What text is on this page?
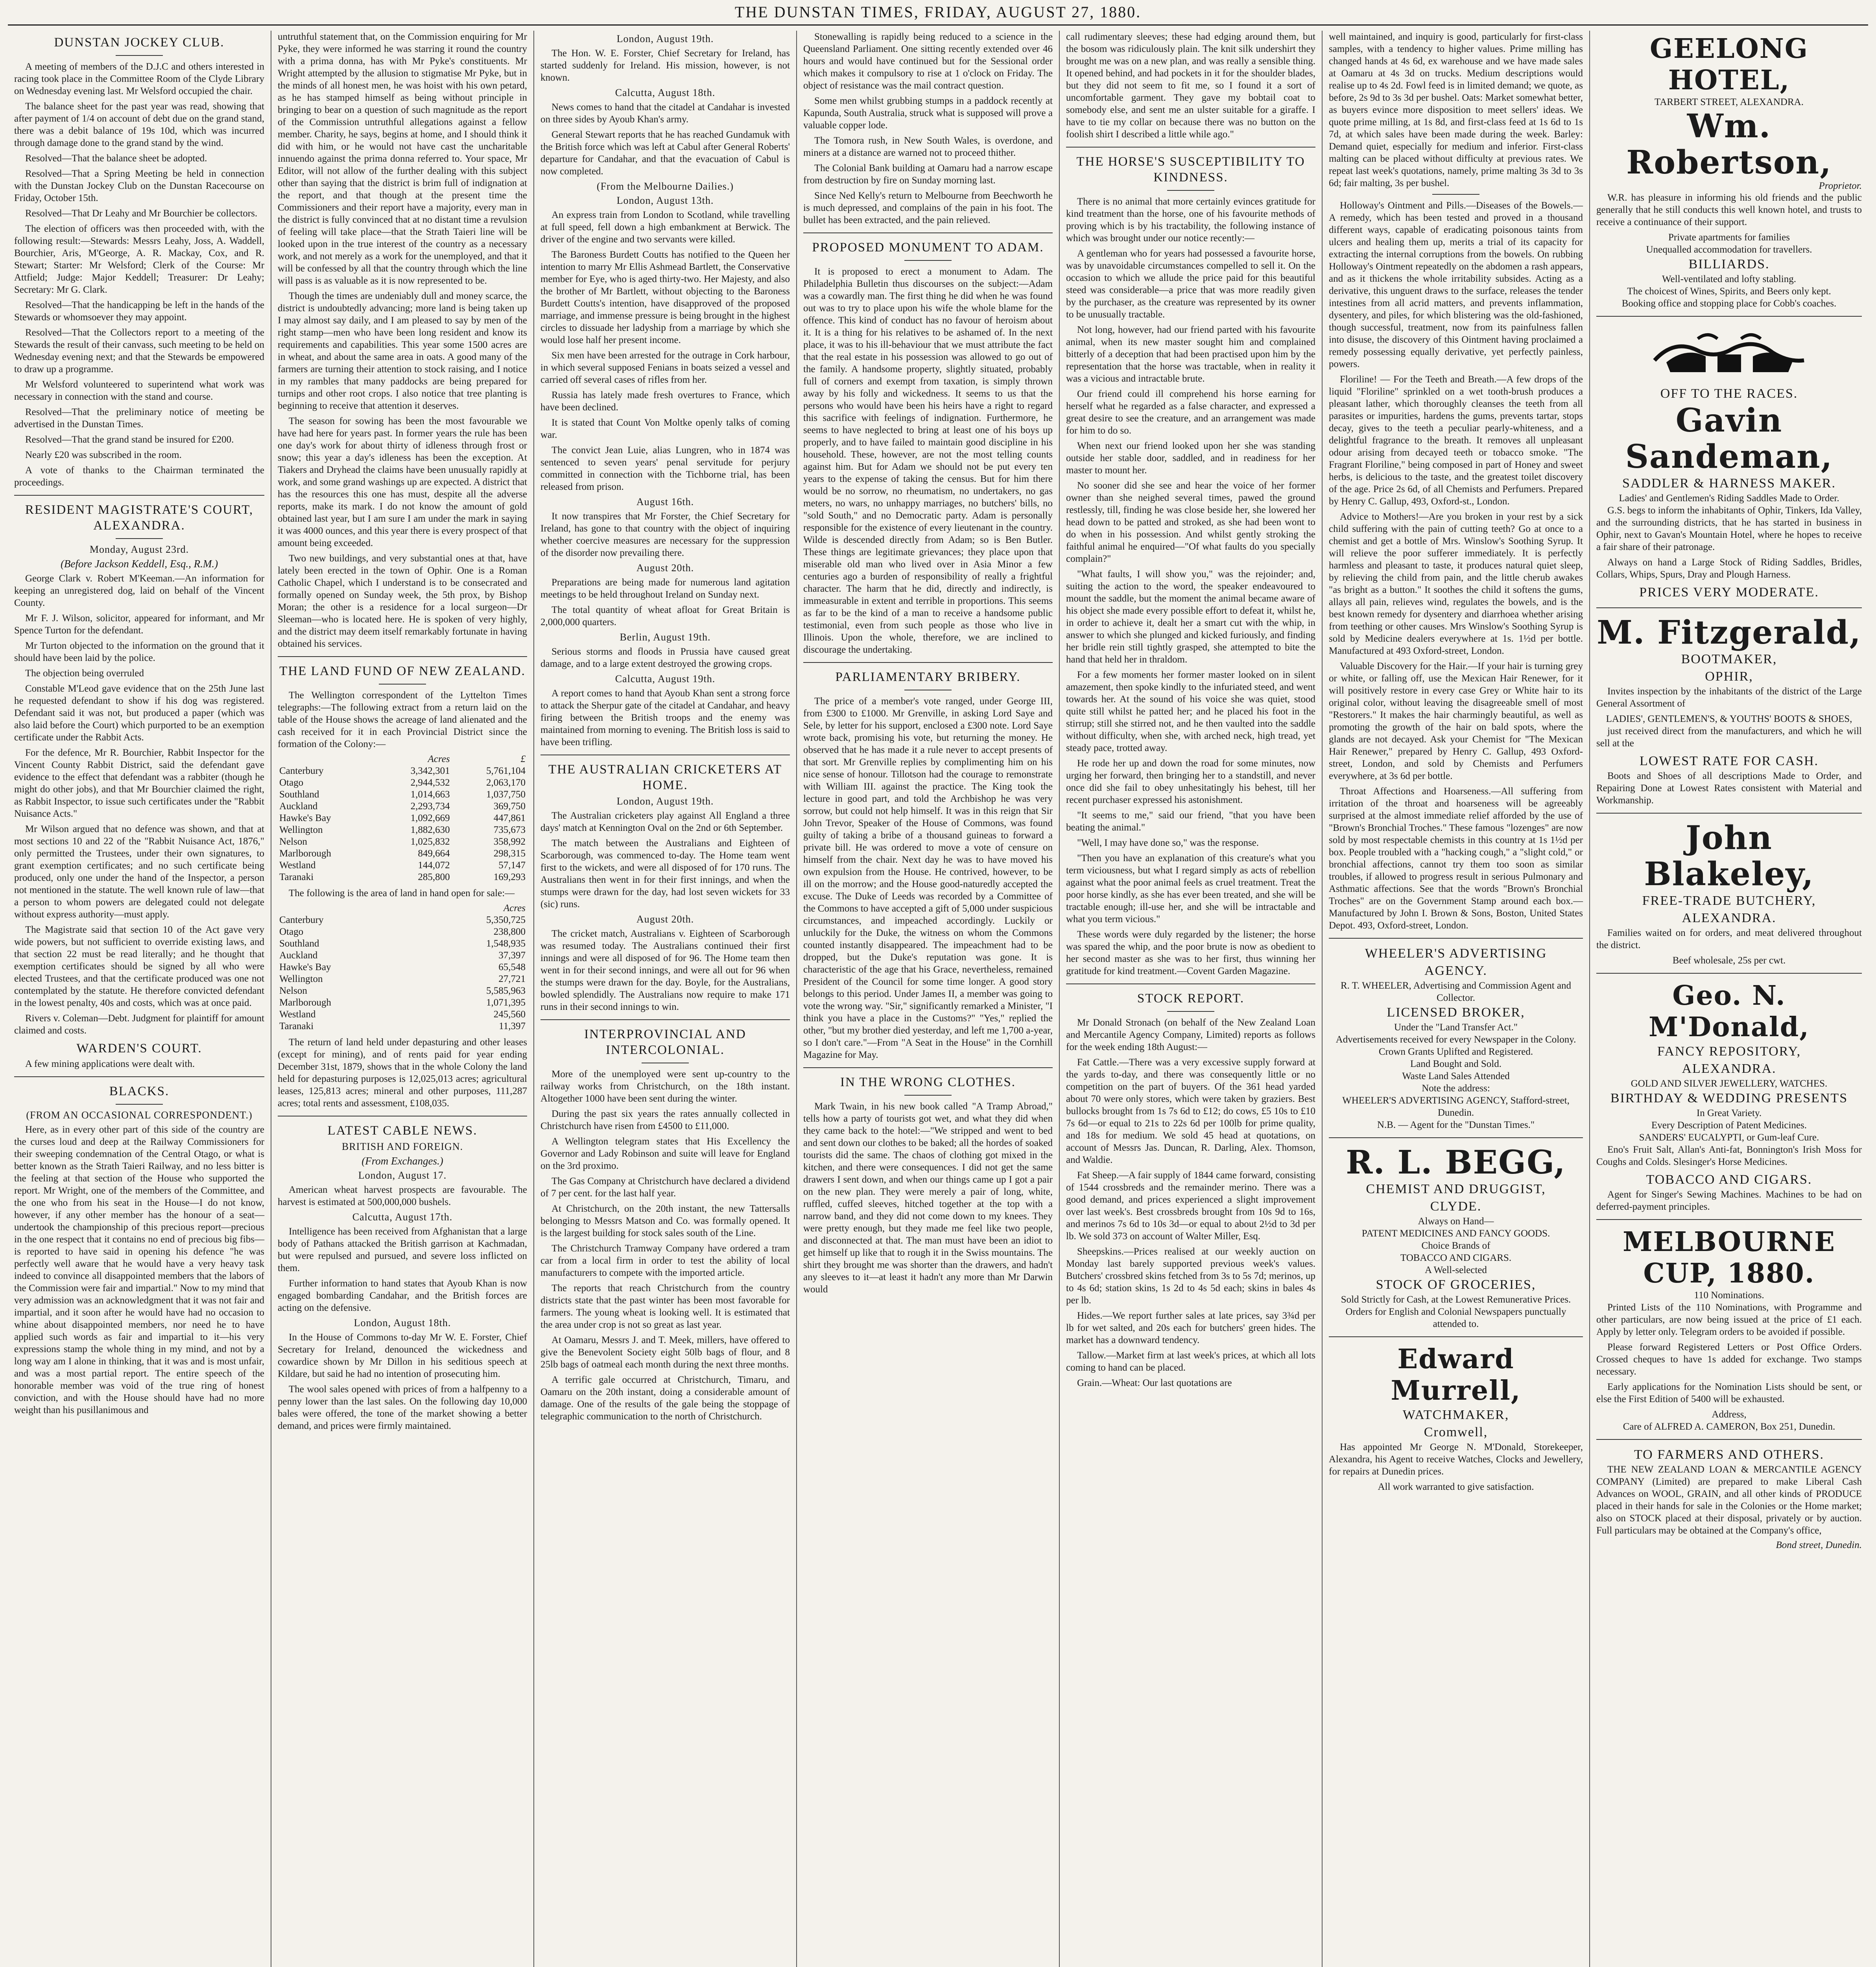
THE DUNSTAN TIMES, FRIDAY, AUGUST 27, 1880.
DUNSTAN JOCKEY CLUB.

A meeting of members of the D.J.C and others interested in racing took place in the Committee Room of the Clyde Library on Wednesday evening last. Mr Welsford occupied the chair.

The balance sheet for the past year was read, showing that after payment of 1/4 on account of debt due on the grand stand, there was a debit balance of 19s 10d, which was incurred through damage done to the grand stand by the wind.

Resolved—That the balance sheet be adopted.

Resolved—That a Spring Meeting be held in connection with the Dunstan Jockey Club on the Dunstan Racecourse on Friday, October 15th.

Resolved—That Dr Leahy and Mr Bourchier be collectors.

The election of officers was then proceeded with, with the following result:—Stewards: Messrs Leahy, Joss, A. Waddell, Bourchier, Aris, M'George, A. R. Mackay, Cox, and R. Stewart; Starter: Mr Welsford; Clerk of the Course: Mr Attfield; Judge: Major Keddell; Treasurer: Dr Leahy; Secretary: Mr G. Clark.

Resolved—That the handicapping be left in the hands of the Stewards or whomsoever they may appoint.

Resolved—That the Collectors report to a meeting of the Stewards the result of their canvass, such meeting to be held on Wednesday evening next; and that the Stewards be empowered to draw up a programme.

Mr Welsford volunteered to superintend what work was necessary in connection with the stand and course.

Resolved—That the preliminary notice of meeting be advertised in the Dunstan Times.

Resolved—That the grand stand be insured for £200.

Nearly £20 was subscribed in the room.

A vote of thanks to the Chairman terminated the proceedings.

RESIDENT MAGISTRATE'S COURT, ALEXANDRA.
Monday, August 23rd.
(Before Jackson Keddell, Esq., R.M.)

George Clark v. Robert M'Keeman.—An information for keeping an unregistered dog, laid on behalf of the Vincent County.

Mr F. J. Wilson, solicitor, appeared for informant, and Mr Spence Turton for the defendant.

Mr Turton objected to the information on the ground that it should have been laid by the police.

The objection being overruled

Constable M'Leod gave evidence that on the 25th June last he requested defendant to show if his dog was registered. Defendant said it was not, but produced a paper (which was also laid before the Court) which purported to be an exemption certificate under the Rabbit Acts.

For the defence, Mr R. Bourchier, Rabbit Inspector for the Vincent County Rabbit District, said the defendant gave evidence to the effect that defendant was a rabbiter (though he might do other jobs), and that Mr Bourchier claimed the right, as Rabbit Inspector, to issue such certificates under the "Rabbit Nuisance Acts."

Mr Wilson argued that no defence was shown, and that at most sections 10 and 22 of the "Rabbit Nuisance Act, 1876," only permitted the Trustees, under their own signatures, to grant exemption certificates; and no such certificate being produced, only one under the hand of the Inspector, a person not mentioned in the statute. The well known rule of law—that a person to whom powers are delegated could not delegate without express authority—must apply.

The Magistrate said that section 10 of the Act gave very wide powers, but not sufficient to override existing laws, and that section 22 must be read literally; and he thought that exemption certificates should be signed by all who were elected Trustees, and that the certificate produced was one not contemplated by the statute. He therefore convicted defendant in the lowest penalty, 40s and costs, which was at once paid.

Rivers v. Coleman—Debt. Judgment for plaintiff for amount claimed and costs.

WARDEN'S COURT.

A few mining applications were dealt with.

BLACKS.
(FROM AN OCCASIONAL CORRESPONDENT.)

Here, as in every other part of this side of the country are the curses loud and deep at the Railway Commissioners for their sweeping condemnation of the Central Otago, or what is better known as the Strath Taieri Railway, and no less bitter is the feeling at that section of the House who supported the report. Mr Wright, one of the members of the Committee, and the one who from his seat in the House—I do not know, however, if any other member has the honour of a seat—undertook the championship of this precious report—precious in the one respect that it contains no end of precious big fibs—is reported to have said in opening his defence "he was perfectly well aware that he would have a very heavy task indeed to convince all disappointed members that the labors of the Commission were fair and impartial." Now to my mind that very admission was an acknowledgment that it was not fair and impartial, and it soon after he would have had no occasion to whine about disappointed members, nor need he to have applied such words as fair and impartial to it—his very expressions stamp the whole thing in my mind, and not by a long way am I alone in thinking, that it was and is most unfair, and was a most partial report. The entire speech of the honorable member was void of the true ring of honest conviction, and with the House should have had no more weight than his pusillanimous and

untruthful statement that, on the Commission enquiring for Mr Pyke, they were informed he was starring it round the country with a prima donna, has with Mr Pyke's constituents. Mr Wright attempted by the allusion to stigmatise Mr Pyke, but in the minds of all honest men, he was hoist with his own petard, as he has stamped himself as being without principle in bringing to bear on a question of such magnitude as the report of the Commission untruthful allegations against a fellow member. Charity, he says, begins at home, and I should think it did with him, or he would not have cast the uncharitable innuendo against the prima donna referred to. Your space, Mr Editor, will not allow of the further dealing with this subject other than saying that the district is brim full of indignation at the report, and that though at the present time the Commissioners and their report have a majority, every man in the district is fully convinced that at no distant time a revulsion of feeling will take place—that the Strath Taieri line will be looked upon in the true interest of the country as a necessary work, and not merely as a work for the unemployed, and that it will be confessed by all that the country through which the line will pass is as valuable as it is now represented to be.

Though the times are undeniably dull and money scarce, the district is undoubtedly advancing; more land is being taken up I may almost say daily, and I am pleased to say by men of the right stamp—men who have been long resident and know its requirements and capabilities. This year some 1500 acres are in wheat, and about the same area in oats. A good many of the farmers are turning their attention to stock raising, and I notice in my rambles that many paddocks are being prepared for turnips and other root crops. I also notice that tree planting is beginning to receive that attention it deserves.

The season for sowing has been the most favourable we have had here for years past. In former years the rule has been one day's work for about thirty of idleness through frost or snow; this year a day's idleness has been the exception. At Tiakers and Dryhead the claims have been unusually rapidly at work, and some grand washings up are expected. A district that has the resources this one has must, despite all the adverse reports, make its mark. I do not know the amount of gold obtained last year, but I am sure I am under the mark in saying it was 4000 ounces, and this year there is every prospect of that amount being exceeded.

Two new buildings, and very substantial ones at that, have lately been erected in the town of Ophir. One is a Roman Catholic Chapel, which I understand is to be consecrated and formally opened on Sunday week, the 5th prox, by Bishop Moran; the other is a residence for a local surgeon—Dr Sleeman—who is located here. He is spoken of very highly, and the district may deem itself remarkably fortunate in having obtained his services.

THE LAND FUND OF NEW ZEALAND.

The Wellington correspondent of the Lyttelton Times telegraphs:—The following extract from a return laid on the table of the House shows the acreage of land alienated and the cash received for it in each Provincial District since the formation of the Colony:—

	Acres	£
Canterbury	3,342,301	5,761,104
Otago	2,944,532	2,063,170
Southland	1,014,663	1,037,750
Auckland	2,293,734	369,750
Hawke's Bay	1,092,669	447,861
Wellington	1,882,630	735,673
Nelson	1,025,832	358,992
Marlborough	849,664	298,315
Westland	144,072	57,147
Taranaki	285,800	169,293

The following is the area of land in hand open for sale:—

	Acres
Canterbury	5,350,725
Otago	238,800
Southland	1,548,935
Auckland	37,397
Hawke's Bay	65,548
Wellington	27,721
Nelson	5,585,963
Marlborough	1,071,395
Westland	245,560
Taranaki	11,397

The return of land held under depasturing and other leases (except for mining), and of rents paid for year ending December 31st, 1879, shows that in the whole Colony the land held for depasturing purposes is 12,025,013 acres; agricultural leases, 125,813 acres; mineral and other purposes, 111,287 acres; total rents and assessment, £108,035.

LATEST CABLE NEWS.
BRITISH AND FOREIGN.
(From Exchanges.)
London, August 17.

American wheat harvest prospects are favourable. The harvest is estimated at 500,000,000 bushels.

Calcutta, August 17th.

Intelligence has been received from Afghanistan that a large body of Pathans attacked the British garrison at Kachmadan, but were repulsed and pursued, and severe loss inflicted on them.

Further information to hand states that Ayoub Khan is now engaged bombarding Candahar, and the British forces are acting on the defensive.

London, August 18th.

In the House of Commons to-day Mr W. E. Forster, Chief Secretary for Ireland, denounced the wickedness and cowardice shown by Mr Dillon in his seditious speech at Kildare, but said he had no intention of prosecuting him.

The wool sales opened with prices of from a halfpenny to a penny lower than the last sales. On the following day 10,000 bales were offered, the tone of the market showing a better demand, and prices were firmly maintained.

London, August 19th.

The Hon. W. E. Forster, Chief Secretary for Ireland, has started suddenly for Ireland. His mission, however, is not known.

Calcutta, August 18th.

News comes to hand that the citadel at Candahar is invested on three sides by Ayoub Khan's army.

General Stewart reports that he has reached Gundamuk with the British force which was left at Cabul after General Roberts' departure for Candahar, and that the evacuation of Cabul is now completed.

(From the Melbourne Dailies.)
London, August 13th.

An express train from London to Scotland, while travelling at full speed, fell down a high embankment at Berwick. The driver of the engine and two servants were killed.

The Baroness Burdett Coutts has notified to the Queen her intention to marry Mr Ellis Ashmead Bartlett, the Conservative member for Eye, who is aged thirty-two. Her Majesty, and also the brother of Mr Bartlett, without objecting to the Baroness Burdett Coutts's intention, have disapproved of the proposed marriage, and immense pressure is being brought in the highest circles to dissuade her ladyship from a marriage by which she would lose half her present income.

Six men have been arrested for the outrage in Cork harbour, in which several supposed Fenians in boats seized a vessel and carried off several cases of rifles from her.

Russia has lately made fresh overtures to France, which have been declined.

It is stated that Count Von Moltke openly talks of coming war.

The convict Jean Luie, alias Lungren, who in 1874 was sentenced to seven years' penal servitude for perjury committed in connection with the Tichborne trial, has been released from prison.

August 16th.

It now transpires that Mr Forster, the Chief Secretary for Ireland, has gone to that country with the object of inquiring whether coercive measures are necessary for the suppression of the disorder now prevailing there.

August 20th.

Preparations are being made for numerous land agitation meetings to be held throughout Ireland on Sunday next.

The total quantity of wheat afloat for Great Britain is 2,000,000 quarters.

Berlin, August 19th.

Serious storms and floods in Prussia have caused great damage, and to a large extent destroyed the growing crops.

Calcutta, August 19th.

A report comes to hand that Ayoub Khan sent a strong force to attack the Sherpur gate of the citadel at Candahar, and heavy firing between the British troops and the enemy was maintained from morning to evening. The British loss is said to have been trifling.

THE AUSTRALIAN CRICKETERS AT HOME.
London, August 19th.

The Australian cricketers play against All England a three days' match at Kennington Oval on the 2nd or 6th September.

The match between the Australians and Eighteen of Scarborough, was commenced to-day. The Home team went first to the wickets, and were all disposed of for 170 runs. The Australians then went in for their first innings, and when the stumps were drawn for the day, had lost seven wickets for 33 (sic) runs.

August 20th.

The cricket match, Australians v. Eighteen of Scarborough was resumed today. The Australians continued their first innings and were all disposed of for 96. The Home team then went in for their second innings, and were all out for 96 when the stumps were drawn for the day. Boyle, for the Australians, bowled splendidly. The Australians now require to make 171 runs in their second innings to win.

INTERPROVINCIAL AND INTERCOLONIAL.

More of the unemployed were sent up-country to the railway works from Christchurch, on the 18th instant. Altogether 1000 have been sent during the winter.

During the past six years the rates annually collected in Christchurch have risen from £4500 to £11,000.

A Wellington telegram states that His Excellency the Governor and Lady Robinson and suite will leave for England on the 3rd proximo.

The Gas Company at Christchurch have declared a dividend of 7 per cent. for the last half year.

At Christchurch, on the 20th instant, the new Tattersalls belonging to Messrs Matson and Co. was formally opened. It is the largest building for stock sales south of the Line.

The Christchurch Tramway Company have ordered a tram car from a local firm in order to test the ability of local manufacturers to compete with the imported article.

The reports that reach Christchurch from the country districts state that the past winter has been most favorable for farmers. The young wheat is looking well. It is estimated that the area under crop is not so great as last year.

At Oamaru, Messrs J. and T. Meek, millers, have offered to give the Benevolent Society eight 50lb bags of flour, and 8 25lb bags of oatmeal each month during the next three months.

A terrific gale occurred at Christchurch, Timaru, and Oamaru on the 20th instant, doing a considerable amount of damage. One of the results of the gale being the stoppage of telegraphic communication to the north of Christchurch.

Stonewalling is rapidly being reduced to a science in the Queensland Parliament. One sitting recently extended over 46 hours and would have continued but for the Sessional order which makes it compulsory to rise at 1 o'clock on Friday. The object of resistance was the mail contract question.

Some men whilst grubbing stumps in a paddock recently at Kapunda, South Australia, struck what is supposed will prove a valuable copper lode.

The Tomora rush, in New South Wales, is overdone, and miners at a distance are warned not to proceed thither.

The Colonial Bank building at Oamaru had a narrow escape from destruction by fire on Sunday morning last.

Since Ned Kelly's return to Melbourne from Beechworth he is much depressed, and complains of the pain in his foot. The bullet has been extracted, and the pain relieved.

PROPOSED MONUMENT TO ADAM.

It is proposed to erect a monument to Adam. The Philadelphia Bulletin thus discourses on the subject:—Adam was a cowardly man. The first thing he did when he was found out was to try to place upon his wife the whole blame for the offence. This kind of conduct has no favour of heroism about it. It is a thing for his relatives to be ashamed of. In the next place, it was to his ill-behaviour that we must attribute the fact that the real estate in his possession was allowed to go out of the family. A handsome property, slightly situated, probably full of corners and exempt from taxation, is simply thrown away by his folly and wickedness. It seems to us that the persons who would have been his heirs have a right to regard this sacrifice with feelings of indignation. Furthermore, he seems to have neglected to bring at least one of his boys up properly, and to have failed to maintain good discipline in his household. These, however, are not the most telling counts against him. But for Adam we should not be put every ten years to the expense of taking the census. But for him there would be no sorrow, no rheumatism, no undertakers, no gas meters, no wars, no unhappy marriages, no butchers' bills, no "sold South," and no Democratic party. Adam is personally responsible for the existence of every lieutenant in the country. Wilde is descended directly from Adam; so is Ben Butler. These things are legitimate grievances; they place upon that miserable old man who lived over in Asia Minor a few centuries ago a burden of responsibility of really a frightful character. The harm that he did, directly and indirectly, is immeasurable in extent and terrible in proportions. This seems as far to be the kind of a man to receive a handsome public testimonial, even from such people as those who live in Illinois. Upon the whole, therefore, we are inclined to discourage the undertaking.

PARLIAMENTARY BRIBERY.

The price of a member's vote ranged, under George III, from £300 to £1000. Mr Grenville, in asking Lord Saye and Sele, by letter for his support, enclosed a £300 note. Lord Saye wrote back, promising his vote, but returning the money. He observed that he has made it a rule never to accept presents of that sort. Mr Grenville replies by complimenting him on his nice sense of honour. Tillotson had the courage to remonstrate with William III. against the practice. The King took the lecture in good part, and told the Archbishop he was very sorrow, but could not help himself. It was in this reign that Sir John Trevor, Speaker of the House of Commons, was found guilty of taking a bribe of a thousand guineas to forward a private bill. He was ordered to move a vote of censure on himself from the chair. Next day he was to have moved his own expulsion from the House. He contrived, however, to be ill on the morrow; and the House good-naturedly accepted the excuse. The Duke of Leeds was recorded by a Committee of the Commons to have accepted a gift of 5,000 under suspicious circumstances, and impeached accordingly. Luckily or unluckily for the Duke, the witness on whom the Commons counted instantly disappeared. The impeachment had to be dropped, but the Duke's reputation was gone. It is characteristic of the age that his Grace, nevertheless, remained President of the Council for some time longer. A good story belongs to this period. Under James II, a member was going to vote the wrong way. "Sir," significantly remarked a Minister, "I think you have a place in the Customs?" "Yes," replied the other, "but my brother died yesterday, and left me 1,700 a-year, so I don't care."—From "A Seat in the House" in the Cornhill Magazine for May.

IN THE WRONG CLOTHES.

Mark Twain, in his new book called "A Tramp Abroad," tells how a party of tourists got wet, and what they did when they came back to the hotel:—"We stripped and went to bed and sent down our clothes to be baked; all the hordes of soaked tourists did the same. The chaos of clothing got mixed in the kitchen, and there were consequences. I did not get the same drawers I sent down, and when our things came up I got a pair on the new plan. They were merely a pair of long, white, ruffled, cuffed sleeves, hitched together at the top with a narrow band, and they did not come down to my knees. They were pretty enough, but they made me feel like two people, and disconnected at that. The man must have been an idiot to get himself up like that to rough it in the Swiss mountains. The shirt they brought me was shorter than the drawers, and hadn't any sleeves to it—at least it hadn't any more than Mr Darwin would

call rudimentary sleeves; these had edging around them, but the bosom was ridiculously plain. The knit silk undershirt they brought me was on a new plan, and was really a sensible thing. It opened behind, and had pockets in it for the shoulder blades, but they did not seem to fit me, so I found it a sort of uncomfortable garment. They gave my bobtail coat to somebody else, and sent me an ulster suitable for a giraffe. I have to tie my collar on because there was no button on the foolish shirt I described a little while ago."

THE HORSE'S SUSCEPTIBILITY TO KINDNESS.

There is no animal that more certainly evinces gratitude for kind treatment than the horse, one of his favourite methods of proving which is by his tractability, the following instance of which was brought under our notice recently:—

A gentleman who for years had possessed a favourite horse, was by unavoidable circumstances compelled to sell it. On the occasion to which we allude the price paid for this beautiful steed was considerable—a price that was more readily given by the purchaser, as the creature was represented by its owner to be unusually tractable.

Not long, however, had our friend parted with his favourite animal, when its new master sought him and complained bitterly of a deception that had been practised upon him by the representation that the horse was tractable, when in reality it was a vicious and intractable brute.

Our friend could ill comprehend his horse earning for herself what he regarded as a false character, and expressed a great desire to see the creature, and an arrangement was made for him to do so.

When next our friend looked upon her she was standing outside her stable door, saddled, and in readiness for her master to mount her.

No sooner did she see and hear the voice of her former owner than she neighed several times, pawed the ground restlessly, till, finding he was close beside her, she lowered her head down to be patted and stroked, as she had been wont to do when in his possession. And whilst gently stroking the faithful animal he enquired—"Of what faults do you specially complain?"

"What faults, I will show you," was the rejoinder; and, suiting the action to the word, the speaker endeavoured to mount the saddle, but the moment the animal became aware of his object she made every possible effort to defeat it, whilst he, in order to achieve it, dealt her a smart cut with the whip, in answer to which she plunged and kicked furiously, and finding her bridle rein still tightly grasped, she attempted to bite the hand that held her in thraldom.

For a few moments her former master looked on in silent amazement, then spoke kindly to the infuriated steed, and went towards her. At the sound of his voice she was quiet, stood quite still whilst he patted her; and he placed his foot in the stirrup; still she stirred not, and he then vaulted into the saddle without difficulty, when she, with arched neck, high tread, yet steady pace, trotted away.

He rode her up and down the road for some minutes, now urging her forward, then bringing her to a standstill, and never once did she fail to obey unhesitatingly his behest, till her recent purchaser expressed his astonishment.

"It seems to me," said our friend, "that you have been beating the animal."

"Well, I may have done so," was the response.

"Then you have an explanation of this creature's what you term viciousness, but what I regard simply as acts of rebellion against what the poor animal feels as cruel treatment. Treat the poor horse kindly, as she has ever been treated, and she will be tractable enough; ill-use her, and she will be intractable and what you term vicious."

These words were duly regarded by the listener; the horse was spared the whip, and the poor brute is now as obedient to her second master as she was to her first, thus winning her gratitude for kind treatment.—Covent Garden Magazine.

STOCK REPORT.

Mr Donald Stronach (on behalf of the New Zealand Loan and Mercantile Agency Company, Limited) reports as follows for the week ending 18th August:—

Fat Cattle.—There was a very excessive supply forward at the yards to-day, and there was consequently little or no competition on the part of buyers. Of the 361 head yarded about 70 were only stores, which were taken by graziers. Best bullocks brought from 1s 7s 6d to £12; do cows, £5 10s to £10 7s 6d—or equal to 21s to 22s 6d per 100lb for prime quality, and 18s for medium. We sold 45 head at quotations, on account of Messrs Jas. Duncan, R. Darling, Alex. Thomson, and Waldie.

Fat Sheep.—A fair supply of 1844 came forward, consisting of 1544 crossbreds and the remainder merino. There was a good demand, and prices experienced a slight improvement over last week's. Best crossbreds brought from 10s 9d to 16s, and merinos 7s 6d to 10s 3d—or equal to about 2½d to 3d per lb. We sold 373 on account of Walter Miller, Esq.

Sheepskins.—Prices realised at our weekly auction on Monday last barely supported previous week's values. Butchers' crossbred skins fetched from 3s to 5s 7d; merinos, up to 4s 6d; station skins, 1s 2d to 4s 5d each; skins in bales 4s per lb.

Hides.—We report further sales at late prices, say 3¾d per lb for wet salted, and 20s each for butchers' green hides. The market has a downward tendency.

Tallow.—Market firm at last week's prices, at which all lots coming to hand can be placed.

Grain.—Wheat: Our last quotations are

well maintained, and inquiry is good, particularly for first-class samples, with a tendency to higher values. Prime milling has changed hands at 4s 6d, ex warehouse and we have made sales at Oamaru at 4s 3d on trucks. Medium descriptions would realise up to 4s 2d. Fowl feed is in limited demand; we quote, as before, 2s 9d to 3s 3d per bushel. Oats: Market somewhat better, as buyers evince more disposition to meet sellers' ideas. We quote prime milling, at 1s 8d, and first-class feed at 1s 6d to 1s 7d, at which sales have been made during the week. Barley: Demand quiet, especially for medium and inferior. First-class malting can be placed without difficulty at previous rates. We repeat last week's quotations, namely, prime malting 3s 3d to 3s 6d; fair malting, 3s per bushel.

Holloway's Ointment and Pills.—Diseases of the Bowels.—A remedy, which has been tested and proved in a thousand different ways, capable of eradicating poisonous taints from ulcers and healing them up, merits a trial of its capacity for extracting the internal corruptions from the bowels. On rubbing Holloway's Ointment repeatedly on the abdomen a rash appears, and as it thickens the whole irritability subsides. Acting as a derivative, this unguent draws to the surface, releases the tender intestines from all acrid matters, and prevents inflammation, dysentery, and piles, for which blistering was the old-fashioned, though successful, treatment, now from its painfulness fallen into disuse, the discovery of this Ointment having proclaimed a remedy possessing equally derivative, yet perfectly painless, powers.

Floriline! — For the Teeth and Breath.—A few drops of the liquid "Floriline" sprinkled on a wet tooth-brush produces a pleasant lather, which thoroughly cleanses the teeth from all parasites or impurities, hardens the gums, prevents tartar, stops decay, gives to the teeth a peculiar pearly-whiteness, and a delightful fragrance to the breath. It removes all unpleasant odour arising from decayed teeth or tobacco smoke. "The Fragrant Floriline," being composed in part of Honey and sweet herbs, is delicious to the taste, and the greatest toilet discovery of the age. Price 2s 6d, of all Chemists and Perfumers. Prepared by Henry C. Gallup, 493, Oxford-st., London.

Advice to Mothers!—Are you broken in your rest by a sick child suffering with the pain of cutting teeth? Go at once to a chemist and get a bottle of Mrs. Winslow's Soothing Syrup. It will relieve the poor sufferer immediately. It is perfectly harmless and pleasant to taste, it produces natural quiet sleep, by relieving the child from pain, and the little cherub awakes "as bright as a button." It soothes the child it softens the gums, allays all pain, relieves wind, regulates the bowels, and is the best known remedy for dysentery and diarrhoea whether arising from teething or other causes. Mrs Winslow's Soothing Syrup is sold by Medicine dealers everywhere at 1s. 1½d per bottle. Manufactured at 493 Oxford-street, London.

Valuable Discovery for the Hair.—If your hair is turning grey or white, or falling off, use the Mexican Hair Renewer, for it will positively restore in every case Grey or White hair to its original color, without leaving the disagreeable smell of most "Restorers." It makes the hair charmingly beautiful, as well as promoting the growth of the hair on bald spots, where the glands are not decayed. Ask your Chemist for "The Mexican Hair Renewer," prepared by Henry C. Gallup, 493 Oxford-street, London, and sold by Chemists and Perfumers everywhere, at 3s 6d per bottle.

Throat Affections and Hoarseness.—All suffering from irritation of the throat and hoarseness will be agreeably surprised at the almost immediate relief afforded by the use of "Brown's Bronchial Troches." These famous "lozenges" are now sold by most respectable chemists in this country at 1s 1½d per box. People troubled with a "hacking cough," a "slight cold," or bronchial affections, cannot try them too soon as similar troubles, if allowed to progress result in serious Pulmonary and Asthmatic affections. See that the words "Brown's Bronchial Troches" are on the Government Stamp around each box.—Manufactured by John I. Brown & Sons, Boston, United States Depot. 493, Oxford-street, London.

WHEELER'S ADVERTISING
AGENCY.
R. T. WHEELER, Advertising and Commission Agent and Collector.
LICENSED BROKER,
Under the "Land Transfer Act."
Advertisements received for every Newspaper in the Colony.
Crown Grants Uplifted and Registered.
Land Bought and Sold.
Waste Land Sales Attended
Note the address:
WHEELER'S ADVERTISING AGENCY, Stafford-street, Dunedin.
N.B. — Agent for the "Dunstan Times."
R. L. BEGG,
CHEMIST AND DRUGGIST,
CLYDE.
Always on Hand—
PATENT MEDICINES AND FANCY GOODS.
Choice Brands of
TOBACCO AND CIGARS.
A Well-selected
STOCK OF GROCERIES,
Sold Strictly for Cash, at the Lowest Remunerative Prices.
Orders for English and Colonial Newspapers punctually attended to.
Edward Murrell,
WATCHMAKER,
Cromwell,

Has appointed Mr George N. M'Donald, Storekeeper, Alexandra, his Agent to receive Watches, Clocks and Jewellery, for repairs at Dunedin prices.

All work warranted to give satisfaction.
GEELONG HOTEL,
TARBERT STREET, ALEXANDRA.
Wm. Robertson,
Proprietor.

W.R. has pleasure in informing his old friends and the public generally that he still conducts this well known hotel, and trusts to receive a continuance of their support.

Private apartments for families
Unequalled accommodation for travellers.
BILLIARDS.
Well-ventilated and lofty stabling.
The choicest of Wines, Spirits, and Beers only kept.
Booking office and stopping place for Cobb's coaches.
OFF TO THE RACES.
Gavin Sandeman,
SADDLER & HARNESS MAKER.
Ladies' and Gentlemen's Riding Saddles Made to Order.

G.S. begs to inform the inhabitants of Ophir, Tinkers, Ida Valley, and the surrounding districts, that he has started in business in Ophir, next to Gavan's Mountain Hotel, where he hopes to receive a fair share of their patronage.

Always on hand a Large Stock of Riding Saddles, Bridles, Collars, Whips, Spurs, Dray and Plough Harness.

PRICES VERY MODERATE.
M. Fitzgerald,
BOOTMAKER,
OPHIR,

Invites inspection by the inhabitants of the district of the Large General Assortment of

LADIES', GENTLEMEN'S, & YOUTHS' BOOTS & SHOES,

just received direct from the manufacturers, and which he will sell at the

LOWEST RATE FOR CASH.

Boots and Shoes of all descriptions Made to Order, and Repairing Done at Lowest Rates consistent with Material and Workmanship.

John Blakeley,
FREE-TRADE BUTCHERY,
ALEXANDRA.

Families waited on for orders, and meat delivered throughout the district.

Beef wholesale, 25s per cwt.
Geo. N. M'Donald,
FANCY REPOSITORY,
ALEXANDRA.
GOLD AND SILVER JEWELLERY, WATCHES.
BIRTHDAY & WEDDING PRESENTS
In Great Variety.
Every Description of Patent Medicines.
SANDERS' EUCALYPTI, or Gum-leaf Cure.

Eno's Fruit Salt, Allan's Anti-fat, Bonnington's Irish Moss for Coughs and Colds. Slesinger's Horse Medicines.

TOBACCO AND CIGARS.

Agent for Singer's Sewing Machines. Machines to be had on deferred-payment principles.

MELBOURNE CUP, 1880.
110 Nominations.

Printed Lists of the 110 Nominations, with Programme and other particulars, are now being issued at the price of £1 each. Apply by letter only. Telegram orders to be avoided if possible.

Please forward Registered Letters or Post Office Orders. Crossed cheques to have 1s added for exchange. Two stamps necessary.

Early applications for the Nomination Lists should be sent, or else the First Edition of 5400 will be exhausted.

Address,
Care of ALFRED A. CAMERON, Box 251, Dunedin.
TO FARMERS AND OTHERS.

THE NEW ZEALAND LOAN & MERCANTILE AGENCY COMPANY (Limited) are prepared to make Liberal Cash Advances on WOOL, GRAIN, and all other kinds of PRODUCE placed in their hands for sale in the Colonies or the Home market; also on STOCK placed at their disposal, privately or by auction. Full particulars may be obtained at the Company's office,

Bond street, Dunedin.
